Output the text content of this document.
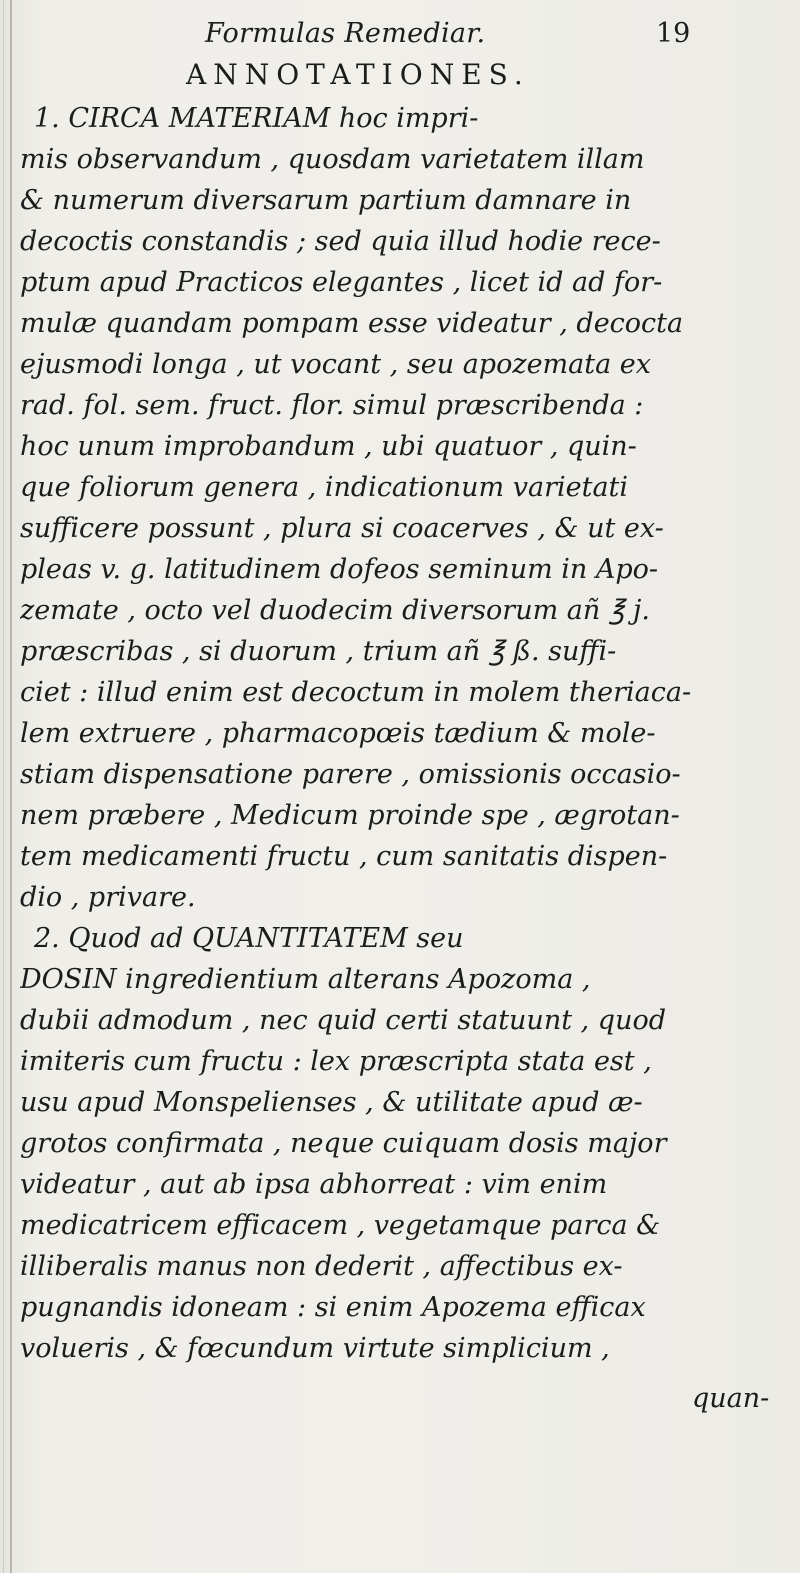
Formulas Remediar.	19
ANNOTATIONES.
1. CIRCA MATERIAM hoc impri-
mis observandum , quosdam varietatem illam
& numerum diversarum partium damnare in
decoctis constandis ; sed quia illud hodie rece-
ptum apud Practicos elegantes , licet id ad for-
mulæ quandam pompam esse videatur , decocta
ejusmodi longa , ut vocant , seu apozemata ex
rad. fol. sem. fruct. flor. simul præscribenda :
hoc unum improbandum , ubi quatuor , quin-
que foliorum genera , indicationum varietati
sufficere possunt , plura si coacerves , & ut ex-
pleas v. g. latitudinem dofeos seminum in Apo-
zemate , octo vel duodecim diversorum añ ℥ j.
præscribas , si duorum , trium añ ℥ ß. suffi-
ciet : illud enim est decoctum in molem theriaca-
lem extruere , pharmacopœis tædium & mole-
stiam dispensatione parere , omissionis occasio-
nem præbere , Medicum proinde spe , ægrotan-
tem medicamenti fructu , cum sanitatis dispen-
dio , privare.
2. Quod ad QUANTITATEM seu
DOSIN ingredientium alterans Apozoma ,
dubii admodum , nec quid certi statuunt , quod
imiteris cum fructu : lex præscripta stata est ,
usu apud Monspelienses , & utilitate apud æ-
grotos confirmata , neque cuiquam dosis major
videatur , aut ab ipsa abhorreat : vim enim
medicatricem efficacem , vegetamque parca &
illiberalis manus non dederit , affectibus ex-
pugnandis idoneam : si enim Apozema efficax
volueris , & fœcundum virtute simplicium ,
quan-
